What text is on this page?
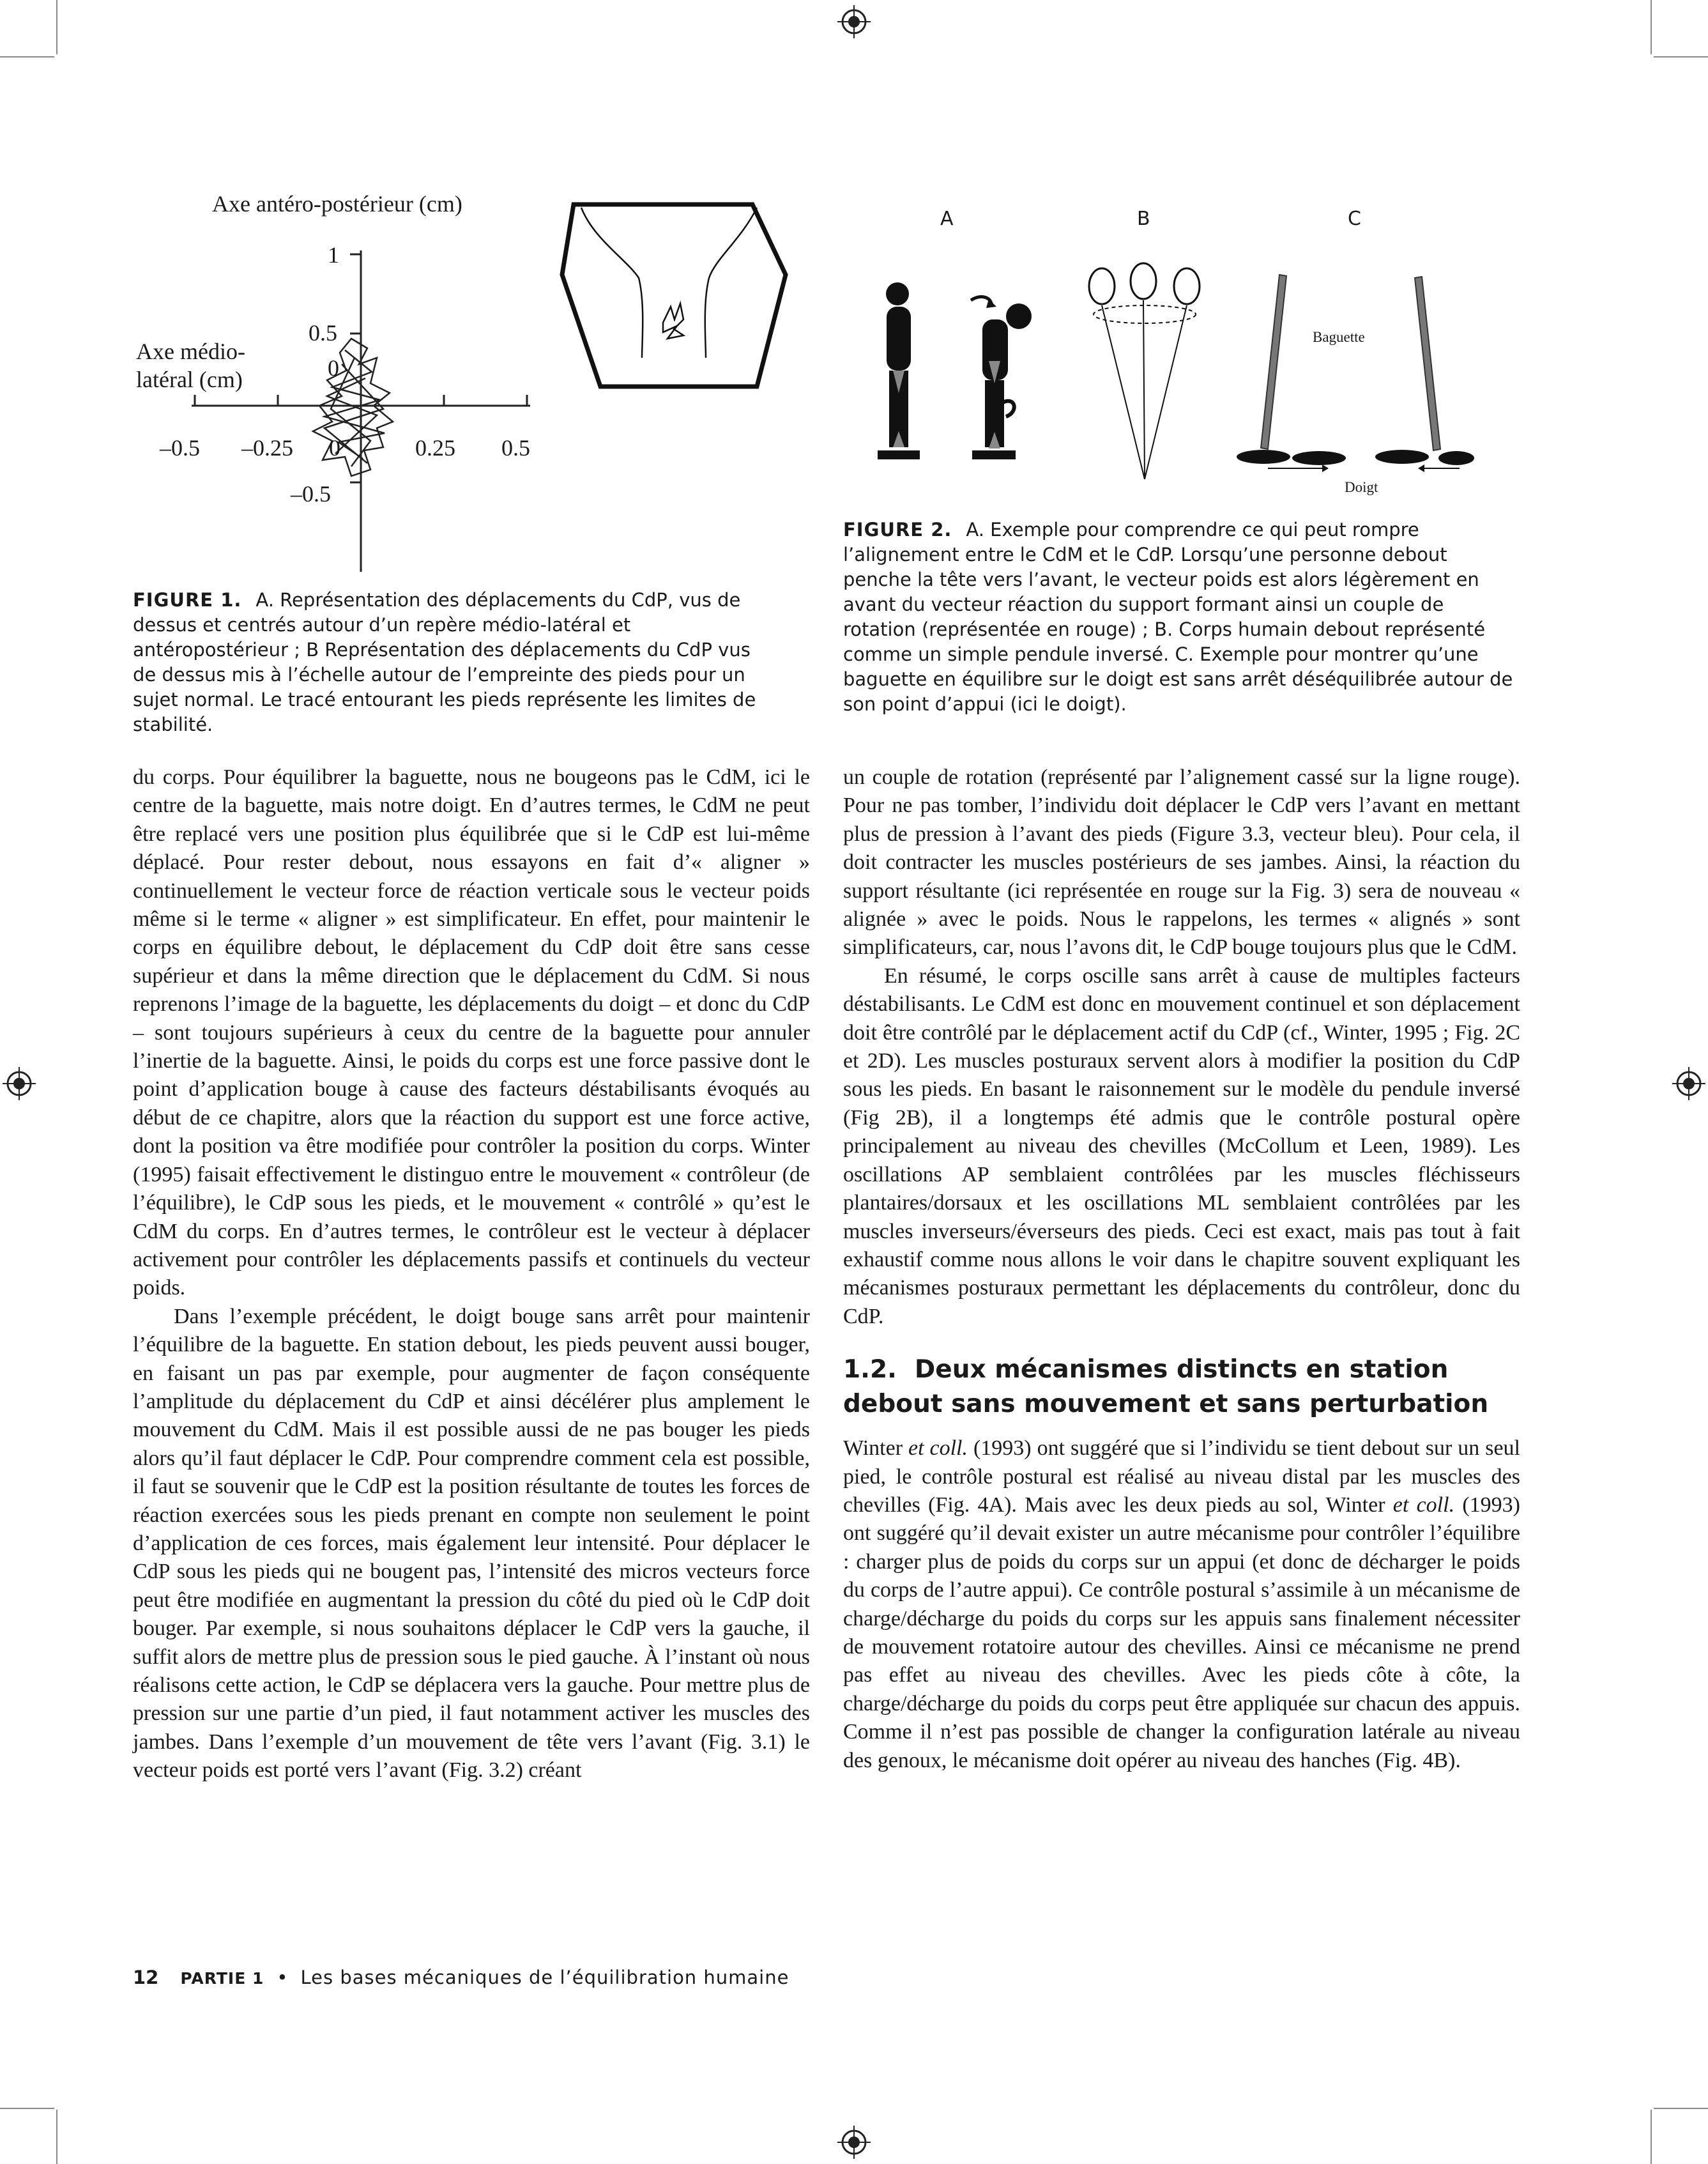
Axe antéro-postérieur (cm)
Axe médio-
latéral (cm)
1
0.5
0
–0.5
–0.5 –0.25 0	0.25 0.5
FIGURE 1. A. Représentation des déplacements du CdP, vus de dessus et centrés autour d’un repère médio-latéral et antéropostérieur ; B Représentation des déplacements du CdP vus de dessus mis à l’échelle autour de l’empreinte des pieds pour un sujet normal. Le tracé entourant les pieds représente les limites de stabilité.
A	B	C
Baguette
Doigt
FIGURE 2. A. Exemple pour comprendre ce qui peut rompre l’alignement entre le CdM et le CdP. Lorsqu’une personne debout penche la tête vers l’avant, le vecteur poids est alors légèrement en avant du vecteur réaction du support formant ainsi un couple de rotation (représentée en rouge) ; B. Corps humain debout représenté comme un simple pendule inversé. C. Exemple pour montrer qu’une baguette en équilibre sur le doigt est sans arrêt déséquilibrée autour de son point d’appui (ici le doigt).

du corps. Pour équilibrer la baguette, nous ne bougeons pas le CdM, ici le centre de la baguette, mais notre doigt. En d’autres termes, le CdM ne peut être replacé vers une position plus équilibrée que si le CdP est lui-même déplacé. Pour rester debout, nous essayons en fait d’« aligner » continuellement le vecteur force de réaction verticale sous le vecteur poids même si le terme « aligner » est simplificateur. En effet, pour maintenir le corps en équilibre debout, le déplacement du CdP doit être sans cesse supérieur et dans la même direction que le déplacement du CdM. Si nous reprenons l’image de la baguette, les déplacements du doigt – et donc du CdP – sont toujours supérieurs à ceux du centre de la baguette pour annuler l’inertie de la baguette. Ainsi, le poids du corps est une force passive dont le point d’application bouge à cause des facteurs déstabilisants évoqués au début de ce chapitre, alors que la réaction du support est une force active, dont la position va être modifiée pour contrôler la position du corps. Winter (1995) faisait effectivement le distinguo entre le mouvement « contrôleur (de l’équilibre), le CdP sous les pieds, et le mouvement « contrôlé » qu’est le CdM du corps. En d’autres termes, le contrôleur est le vecteur à déplacer activement pour contrôler les déplacements passifs et continuels du vecteur poids.

Dans l’exemple précédent, le doigt bouge sans arrêt pour maintenir l’équilibre de la baguette. En station debout, les pieds peuvent aussi bouger, en faisant un pas par exemple, pour augmenter de façon conséquente l’amplitude du déplacement du CdP et ainsi décélérer plus amplement le mouvement du CdM. Mais il est possible aussi de ne pas bouger les pieds alors qu’il faut déplacer le CdP. Pour comprendre comment cela est possible, il faut se souvenir que le CdP est la position résultante de toutes les forces de réaction exercées sous les pieds prenant en compte non seulement le point d’application de ces forces, mais également leur intensité. Pour déplacer le CdP sous les pieds qui ne bougent pas, l’intensité des micros vecteurs force peut être modifiée en augmentant la pression du côté du pied où le CdP doit bouger. Par exemple, si nous souhaitons déplacer le CdP vers la gauche, il suffit alors de mettre plus de pression sous le pied gauche. À l’instant où nous réalisons cette action, le CdP se déplacera vers la gauche. Pour mettre plus de pression sur une partie d’un pied, il faut notamment activer les muscles des jambes. Dans l’exemple d’un mouvement de tête vers l’avant (Fig. 3.1) le vecteur poids est porté vers l’avant (Fig. 3.2) créant

un couple de rotation (représenté par l’alignement cassé sur la ligne rouge). Pour ne pas tomber, l’individu doit déplacer le CdP vers l’avant en mettant plus de pression à l’avant des pieds (Figure 3.3, vecteur bleu). Pour cela, il doit contracter les muscles postérieurs de ses jambes. Ainsi, la réaction du support résultante (ici représentée en rouge sur la Fig. 3) sera de nouveau « alignée » avec le poids. Nous le rappelons, les termes « alignés » sont simplificateurs, car, nous l’avons dit, le CdP bouge toujours plus que le CdM.

En résumé, le corps oscille sans arrêt à cause de multiples facteurs déstabilisants. Le CdM est donc en mouvement continuel et son déplacement doit être contrôlé par le déplacement actif du CdP (cf., Winter, 1995 ; Fig. 2C et 2D). Les muscles posturaux servent alors à modifier la position du CdP sous les pieds. En basant le raisonnement sur le modèle du pendule inversé (Fig 2B), il a longtemps été admis que le contrôle postural opère principalement au niveau des chevilles (McCollum et Leen, 1989). Les oscillations AP semblaient contrôlées par les muscles fléchisseurs plantaires/dorsaux et les oscillations ML semblaient contrôlées par les muscles inverseurs/éverseurs des pieds. Ceci est exact, mais pas tout à fait exhaustif comme nous allons le voir dans le chapitre souvent expliquant les mécanismes posturaux permettant les déplacements du contrôleur, donc du CdP.

1.2. Deux mécanismes distincts en station debout sans mouvement et sans perturbation

Winter et coll. (1993) ont suggéré que si l’individu se tient debout sur un seul pied, le contrôle postural est réalisé au niveau distal par les muscles des chevilles (Fig. 4A). Mais avec les deux pieds au sol, Winter et coll. (1993) ont suggéré qu’il devait exister un autre mécanisme pour contrôler l’équilibre : charger plus de poids du corps sur un appui (et donc de décharger le poids du corps de l’autre appui). Ce contrôle postural s’assimile à un mécanisme de charge/décharge du poids du corps sur les appuis sans finalement nécessiter de mouvement rotatoire autour des chevilles. Ainsi ce mécanisme ne prend pas effet au niveau des chevilles. Avec les pieds côte à côte, la charge/décharge du poids du corps peut être appliquée sur chacun des appuis. Comme il n’est pas possible de changer la configuration latérale au niveau des genoux, le mécanisme doit opérer au niveau des hanches (Fig. 4B).

12 PARTIE 1 • Les bases mécaniques de l’équilibration humaine
